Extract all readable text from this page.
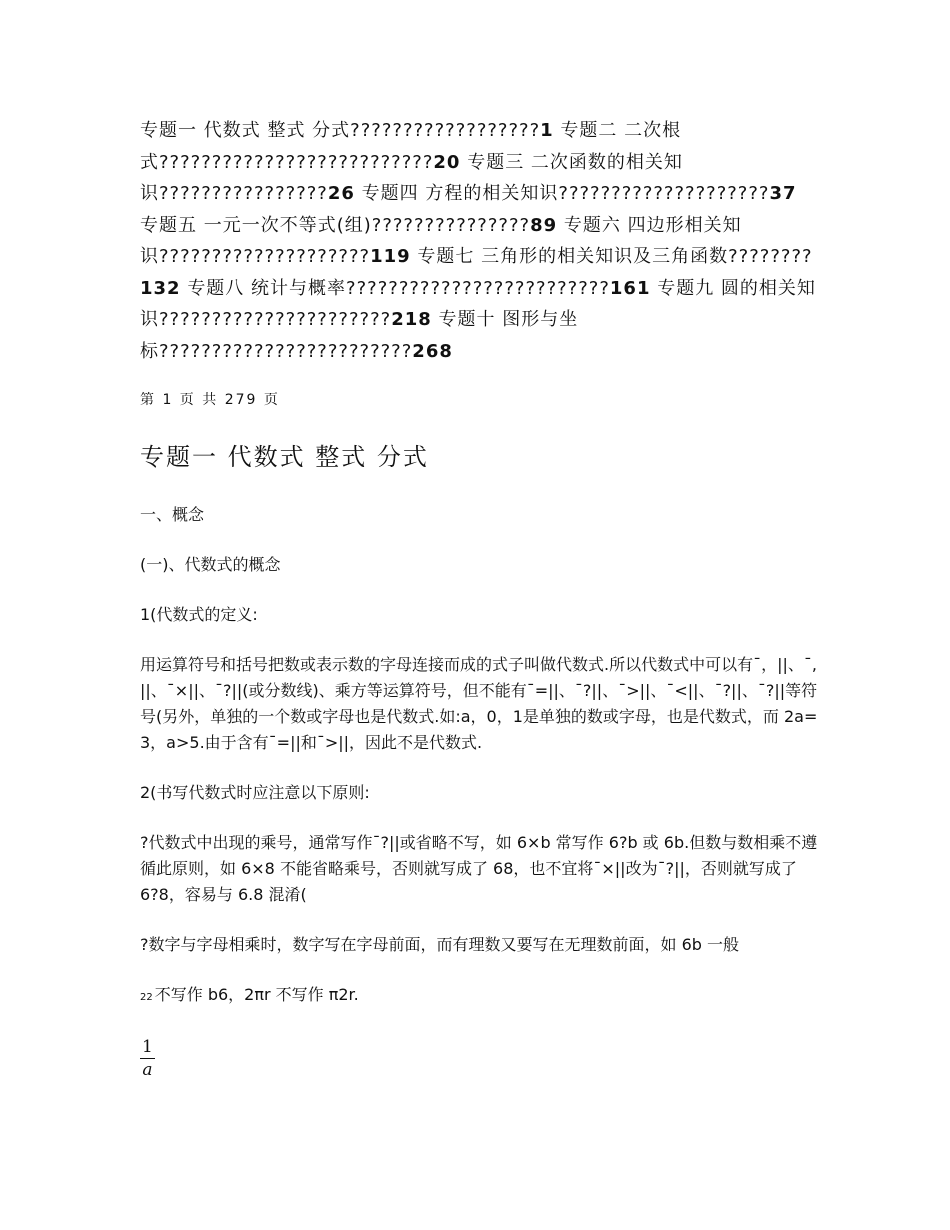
专题一 代数式 整式 分式??????????????????1 专题二 二次根式??????????????????????????20 专题三 二次函数的相关知识????????????????26 专题四 方程的相关知识????????????????????37 专题五 一元一次不等式(组)???????????????89 专题六 四边形相关知识????????????????????119 专题七 三角形的相关知识及三角函数????????132 专题八 统计与概率?????????????????????????161 专题九 圆的相关知识??????????????????????218 专题十 图形与坐标????????????????????????268

第 1 页 共 279 页
专题一 代数式 整式 分式

一、概念

(一)、代数式的概念

1(代数式的定义:

用运算符号和括号把数或表示数的字母连接而成的式子叫做代数式.所以代数式中可以有¯，||、¯,||、¯×||、¯?||(或分数线)、乘方等运算符号，但不能有¯=||、¯?||、¯>||、¯<||、¯?||、¯?||等符号(另外，单独的一个数或字母也是代数式.如:a，0，1是单独的数或字母，也是代数式，而 2a=3，a>5.由于含有¯=||和¯>||，因此不是代数式.

2(书写代数式时应注意以下原则:

?代数式中出现的乘号，通常写作¯?||或省略不写，如 6×b 常写作 6?b 或 6b.但数与数相乘不遵循此原则，如 6×8 不能省略乘号，否则就写成了 68，也不宜将¯×||改为¯?||，否则就写成了 6?8，容易与 6.8 混淆(

?数字与字母相乘时，数字写在字母前面，而有理数又要写在无理数前面，如 6b 一般

22 不写作 b6，2πr 不写作 π2r.

$\frac{1}{a}$
